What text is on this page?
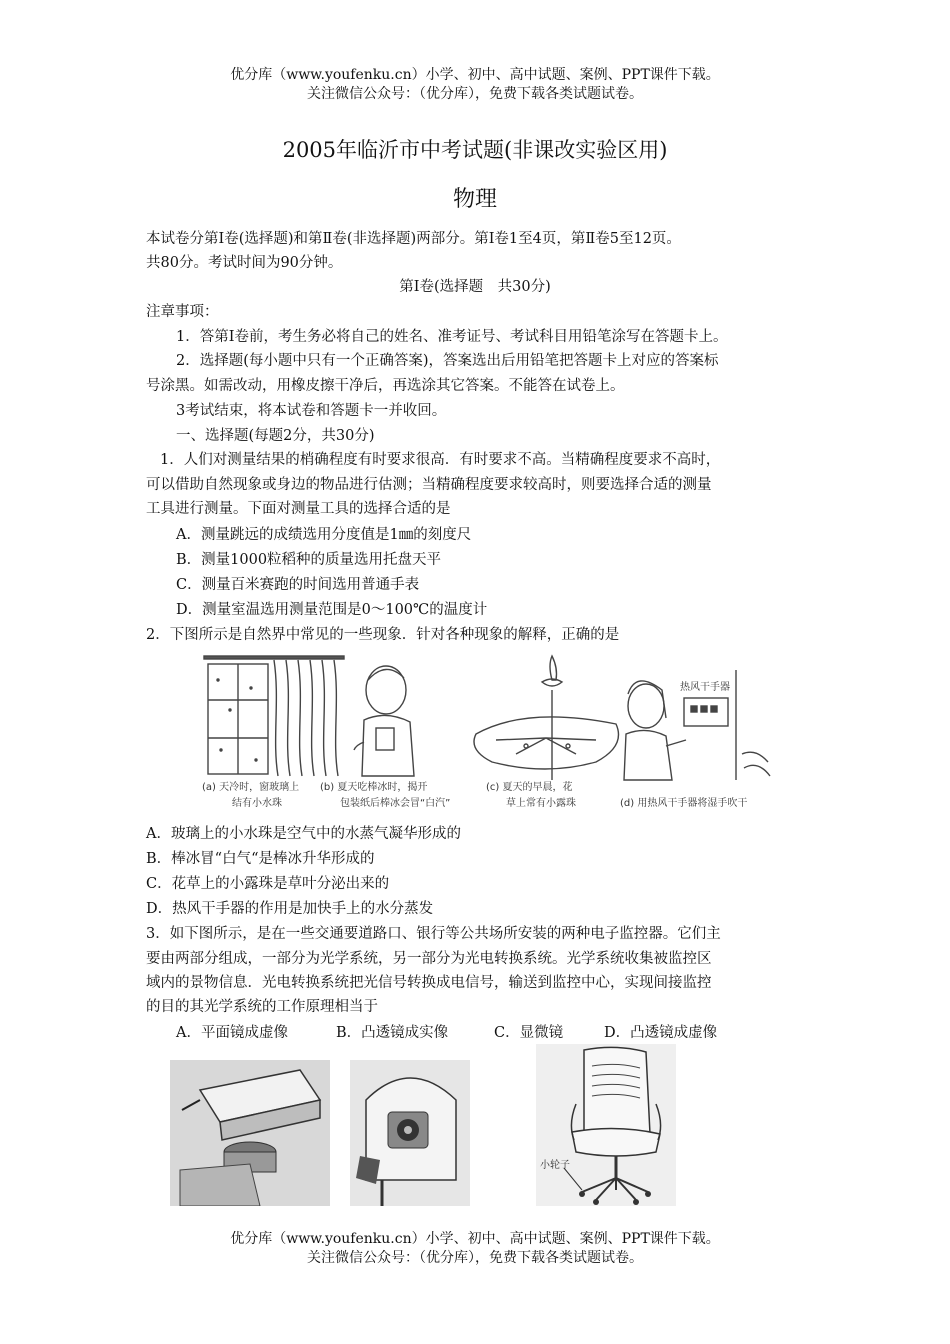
优分库（www.youfenku.cn）小学、初中、高中试题、案例、PPT课件下载。
关注微信公众号：（优分库），免费下载各类试题试卷。
2005年临沂市中考试题(非课改实验区用)
物理
本试卷分第Ⅰ卷(选择题)和第Ⅱ卷(非选择题)两部分。第Ⅰ卷1至4页，第Ⅱ卷5至12页。
共80分。考试时间为90分钟。
第Ⅰ卷(选择题　共30分)
注章事项：
1．答第Ⅰ卷前，考生务必将自己的姓名、准考证号、考试科目用铅笔涂写在答题卡上。
2．选择题(每小题中只有一个正确答案)，答案选出后用铅笔把答题卡上对应的答案标
号涂黑。如需改动，用橡皮擦干净后，再选涂其它答案。不能答在试卷上。
3考试结束，将本试卷和答题卡一并收回。
一、选择题(每题2分，共30分)
1．人们对测量结果的梢确程度有时要求很高．有时要求不高。当精确程度要求不高时，
可以借助自然现象或身边的物品进行估测；当精确程度要求较高时，则要选择合适的测量
工具进行测量。下面对测量工具的选择合适的是
A．测量跳远的成绩选用分度值是1㎜的刻度尺
B．测量1000粒稻种的质量选用托盘天平
C．测量百米赛跑的时间选用普通手表
D．测量室温选用测量范围是0～100℃的温度计
2．下图所示是自然界中常见的一些现象．针对各种现象的解释，正确的是
热风干手器
(a) 天冷时，窗玻璃上
结有小水珠
(b) 夏天吃棒冰时，揭开
包装纸后棒冰会冒“白汽”
(c) 夏天的早晨，花
草上常有小露珠	(d) 用热风干手器将湿手吹干
A．玻璃上的小水珠是空气中的水蒸气凝华形成的
B．棒冰冒“白气“是棒冰升华形成的
C．花草上的小露珠是草叶分泌出来的
D．热风干手器的作用是加快手上的水分蒸发
3．如下图所示，是在一些交通要道路口、银行等公共场所安装的两种电子监控器。它们主
要由两部分组成，一部分为光学系统，另一部分为光电转换系统。光学系统收集被监控区
域内的景物信息．光电转换系统把光信号转换成电信号，输送到监控中心，实现间接监控
的目的其光学系统的工作原理相当于
A．平面镜成虚像	B．凸透镜成实像	C．显微镜	D．凸透镜成虚像
小轮子
优分库（www.youfenku.cn）小学、初中、高中试题、案例、PPT课件下载。
关注微信公众号：（优分库），免费下载各类试题试卷。
